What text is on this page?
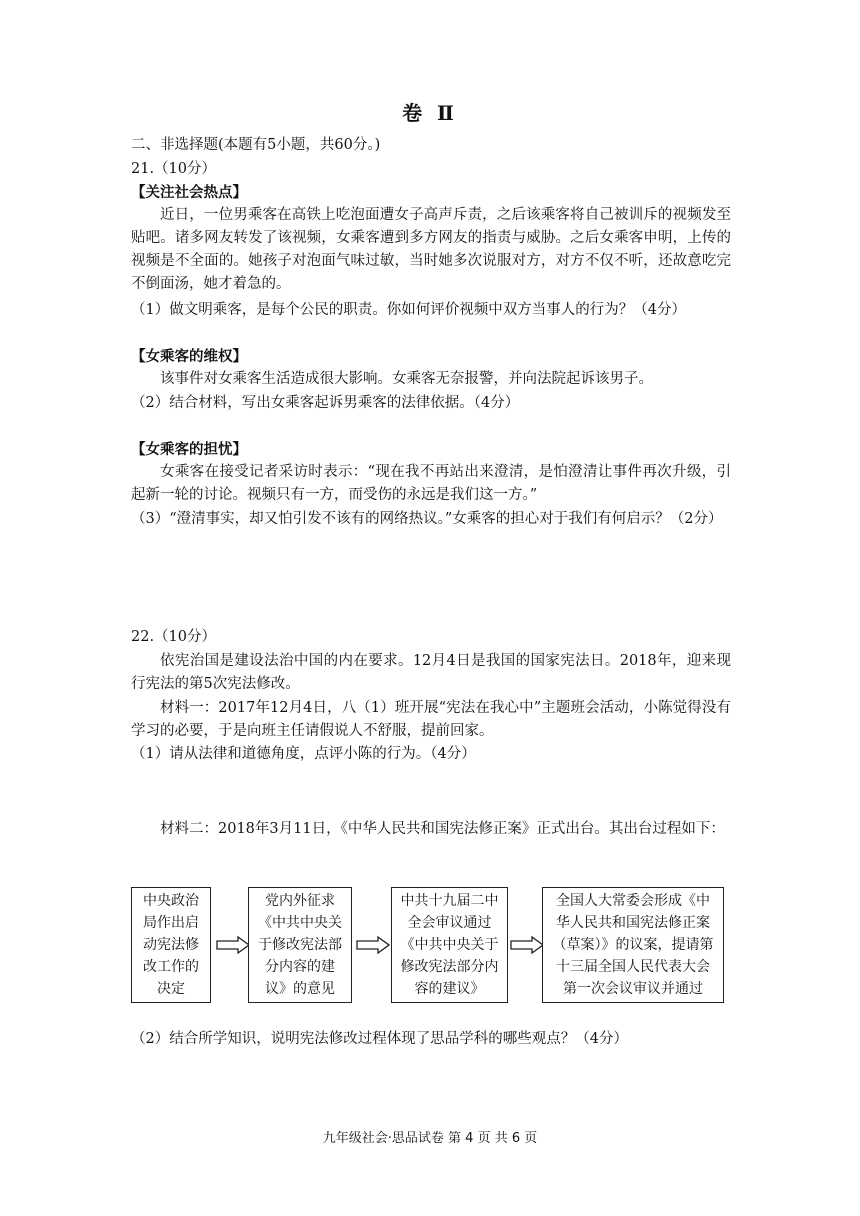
卷 Ⅱ
二、非选择题(本题有5小题，共60分。)
21.（10分）
【关注社会热点】
近日，一位男乘客在高铁上吃泡面遭女子高声斥责，之后该乘客将自己被训斥的视频发至贴吧。诸多网友转发了该视频，女乘客遭到多方网友的指责与威胁。之后女乘客申明，上传的视频是不全面的。她孩子对泡面气味过敏，当时她多次说服对方，对方不仅不听，还故意吃完不倒面汤，她才着急的。
（1）做文明乘客，是每个公民的职责。你如何评价视频中双方当事人的行为？（4分）
【女乘客的维权】
该事件对女乘客生活造成很大影响。女乘客无奈报警，并向法院起诉该男子。
（2）结合材料，写出女乘客起诉男乘客的法律依据。（4分）
【女乘客的担忧】
女乘客在接受记者采访时表示：“现在我不再站出来澄清，是怕澄清让事件再次升级，引起新一轮的讨论。视频只有一方，而受伤的永远是我们这一方。”
（3）“澄清事实，却又怕引发不该有的网络热议。”女乘客的担心对于我们有何启示？（2分）
22.（10分）
依宪治国是建设法治中国的内在要求。12月4日是我国的国家宪法日。2018年，迎来现行宪法的第5次宪法修改。
材料一：2017年12月4日，八（1）班开展“宪法在我心中”主题班会活动，小陈觉得没有学习的必要，于是向班主任请假说人不舒服，提前回家。
（1）请从法律和道德角度，点评小陈的行为。（4分）
材料二：2018年3月11日，《中华人民共和国宪法修正案》正式出台。其出台过程如下：
中央政治局作出启动宪法修改工作的决定
党内外征求《中共中央关于修改宪法部分内容的建议》的意见
中共十九届二中全会审议通过《中共中央关于修改宪法部分内容的建议》
全国人大常委会形成《中华人民共和国宪法修正案（草案）》的议案，提请第十三届全国人民代表大会第一次会议审议并通过
（2）结合所学知识，说明宪法修改过程体现了思品学科的哪些观点？（4分）
九年级社会·思品试卷 第 4 页 共 6 页
